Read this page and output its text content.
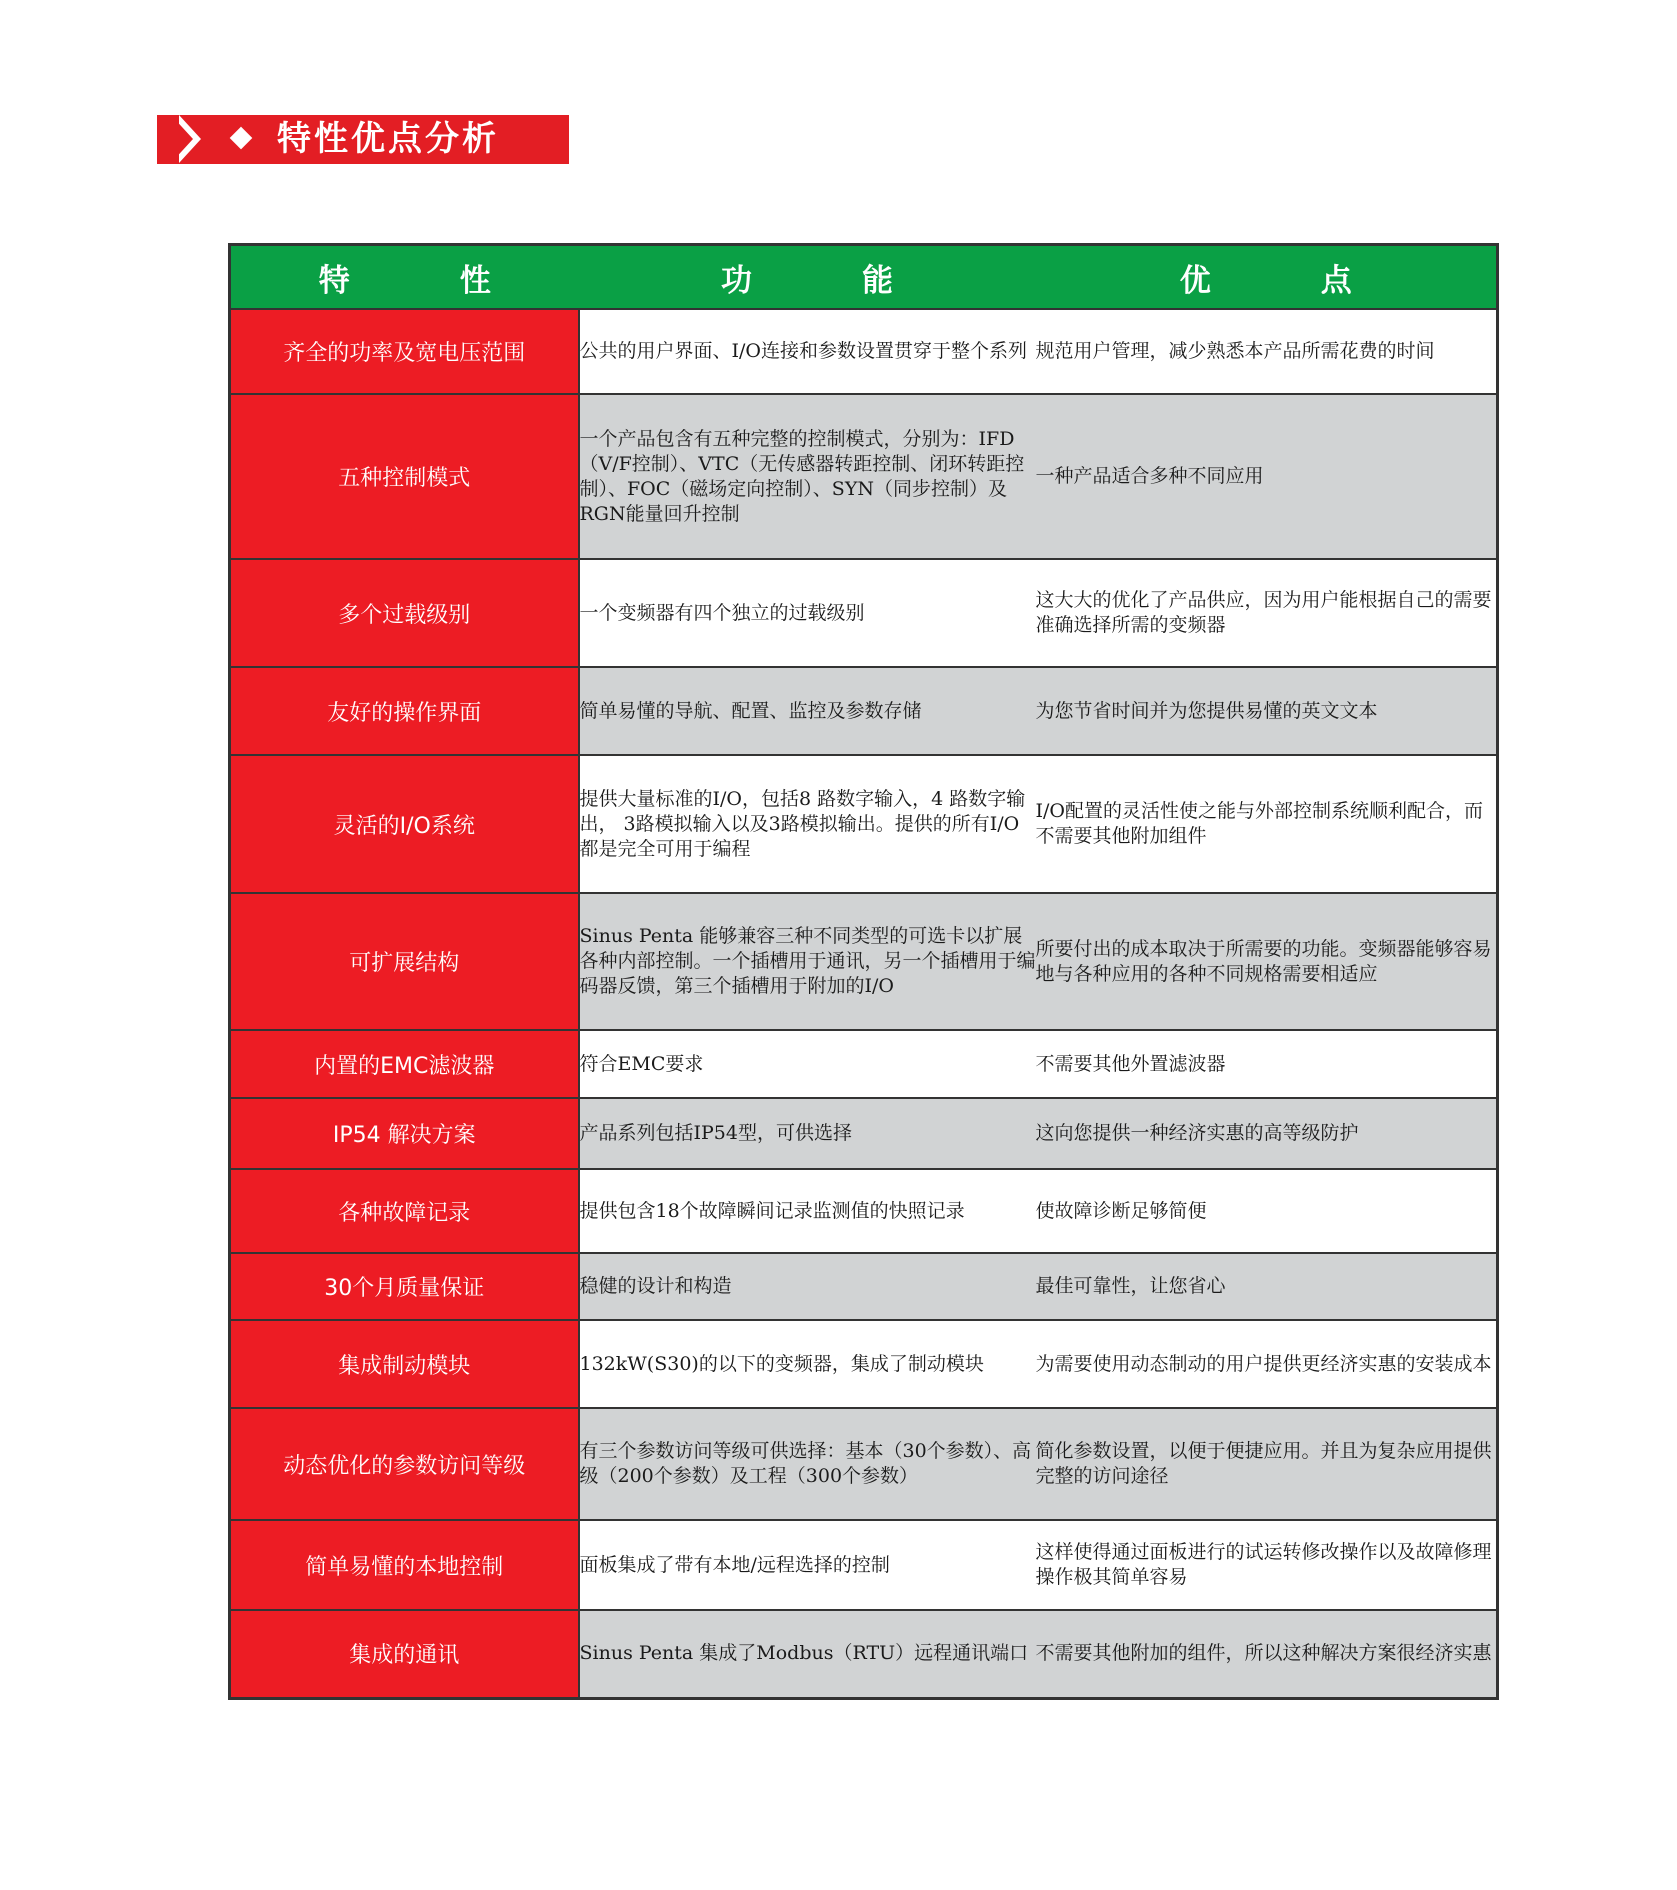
特性优点分析
特 性	功 能	优 点

齐全的功率及宽电压范围	公共的用户界面、I/O连接和参数设置贯穿于整个系列	规范用户管理，减少熟悉本产品所需花费的时间
五种控制模式	一个产品包含有五种完整的控制模式，分别为：IFD（V/F控制）、VTC（无传感器转距控制、闭环转距控制）、FOC（磁场定向控制）、SYN（同步控制）及RGN能量回升控制	一种产品适合多种不同应用
多个过载级别	一个变频器有四个独立的过载级别	这大大的优化了产品供应，因为用户能根据自己的需要准确选择所需的变频器
友好的操作界面	简单易懂的导航、配置、监控及参数存储	为您节省时间并为您提供易懂的英文文本
灵活的I/O系统	提供大量标准的I/O，包括8 路数字输入，4 路数字输出， 3路模拟输入以及3路模拟输出。提供的所有I/O都是完全可用于编程	I/O配置的灵活性使之能与外部控制系统顺利配合，而不需要其他附加组件
可扩展结构	Sinus Penta 能够兼容三种不同类型的可选卡以扩展各种内部控制。一个插槽用于通讯，另一个插槽用于编码器反馈，第三个插槽用于附加的I/O	所要付出的成本取决于所需要的功能。变频器能够容易地与各种应用的各种不同规格需要相适应
内置的EMC滤波器	符合EMC要求	不需要其他外置滤波器
IP54 解决方案	产品系列包括IP54型，可供选择	这向您提供一种经济实惠的高等级防护
各种故障记录	提供包含18个故障瞬间记录监测值的快照记录	使故障诊断足够简便
30个月质量保证	稳健的设计和构造	最佳可靠性，让您省心
集成制动模块	132kW(S30)的以下的变频器，集成了制动模块	为需要使用动态制动的用户提供更经济实惠的安装成本
动态优化的参数访问等级	有三个参数访问等级可供选择：基本（30个参数）、高级（200个参数）及工程（300个参数）	简化参数设置，以便于便捷应用。并且为复杂应用提供完整的访问途径
简单易懂的本地控制	面板集成了带有本地/远程选择的控制	这样使得通过面板进行的试运转修改操作以及故障修理操作极其简单容易
集成的通讯	Sinus Penta 集成了Modbus（RTU）远程通讯端口	不需要其他附加的组件，所以这种解决方案很经济实惠
